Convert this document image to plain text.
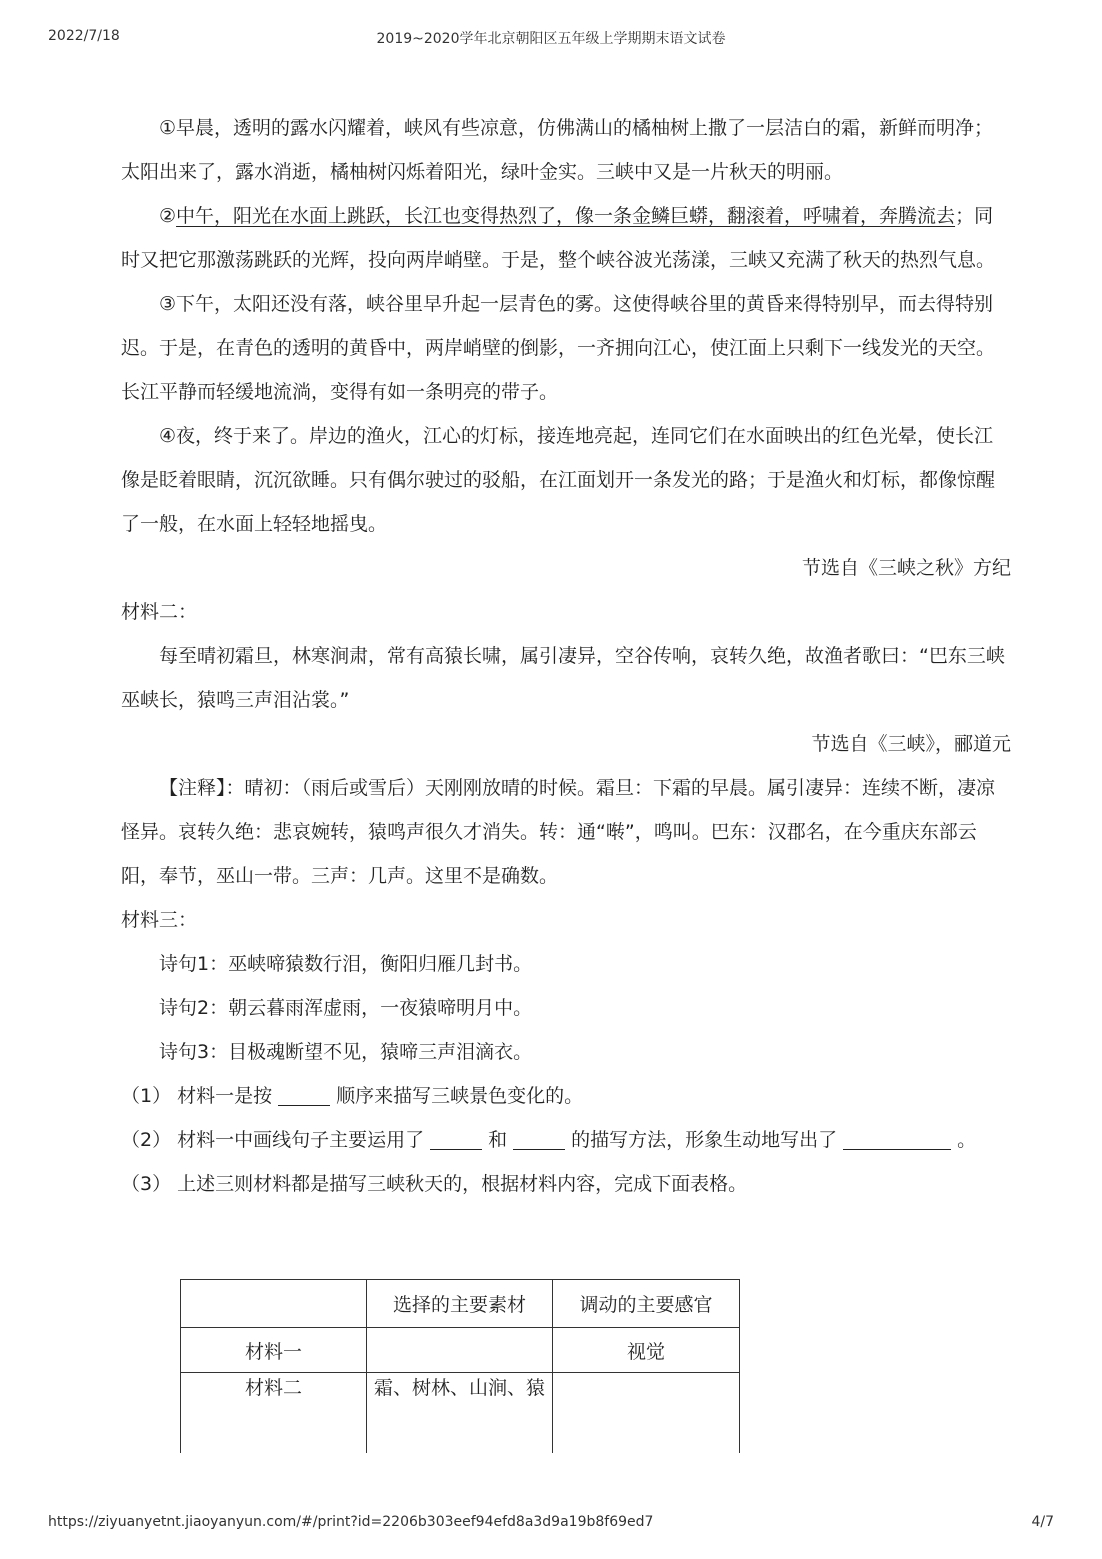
2022/7/18	2019~2020学年北京朝阳区五年级上学期期末语文试卷

①早晨，透明的露水闪耀着，峡风有些凉意，仿佛满山的橘柚树上撒了一层洁白的霜，新鲜而明净；太阳出来了，露水消逝，橘柚树闪烁着阳光，绿叶金实。三峡中又是一片秋天的明丽。

②中午，阳光在水面上跳跃，长江也变得热烈了，像一条金鳞巨蟒，翻滚着，呼啸着，奔腾流去；同时又把它那激荡跳跃的光辉，投向两岸峭壁。于是，整个峡谷波光荡漾，三峡又充满了秋天的热烈气息。

③下午，太阳还没有落，峡谷里早升起一层青色的雾。这使得峡谷里的黄昏来得特别早，而去得特别迟。于是，在青色的透明的黄昏中，两岸峭壁的倒影，一齐拥向江心，使江面上只剩下一线发光的天空。长江平静而轻缓地流淌，变得有如一条明亮的带子。

④夜，终于来了。岸边的渔火，江心的灯标，接连地亮起，连同它们在水面映出的红色光晕，使长江像是眨着眼睛，沉沉欲睡。只有偶尔驶过的驳船，在江面划开一条发光的路；于是渔火和灯标，都像惊醒了一般，在水面上轻轻地摇曳。

节选自《三峡之秋》方纪

材料二：

每至晴初霜旦，林寒涧肃，常有高猿长啸，属引凄异，空谷传响，哀转久绝，故渔者歌曰：“巴东三峡巫峡长，猿鸣三声泪沾裳。”

节选自《三峡》，郦道元

【注释】：晴初：（雨后或雪后）天刚刚放晴的时候。霜旦：下霜的早晨。属引凄异：连续不断，凄凉怪异。哀转久绝：悲哀婉转，猿鸣声很久才消失。转：通“啭”，鸣叫。巴东：汉郡名，在今重庆东部云阳，奉节，巫山一带。三声：几声。这里不是确数。

材料三：

诗句1：巫峡啼猿数行泪，衡阳归雁几封书。

诗句2：朝云暮雨浑虚雨，一夜猿啼明月中。

诗句3：目极魂断望不见，猿啼三声泪滴衣。

（1） 材料一是按	顺序来描写三峡景色变化的。

（2） 材料一中画线句子主要运用了	和	的描写方法，形象生动地写出了	。

（3） 上述三则材料都是描写三峡秋天的，根据材料内容，完成下面表格。

	选择的主要素材	调动的主要感官
材料一		视觉
材料二	霜、树林、山涧、猿	
https://ziyuanyetnt.jiaoyanyun.com/#/print?id=2206b303eef94efd8a3d9a19b8f69ed7	4/7
